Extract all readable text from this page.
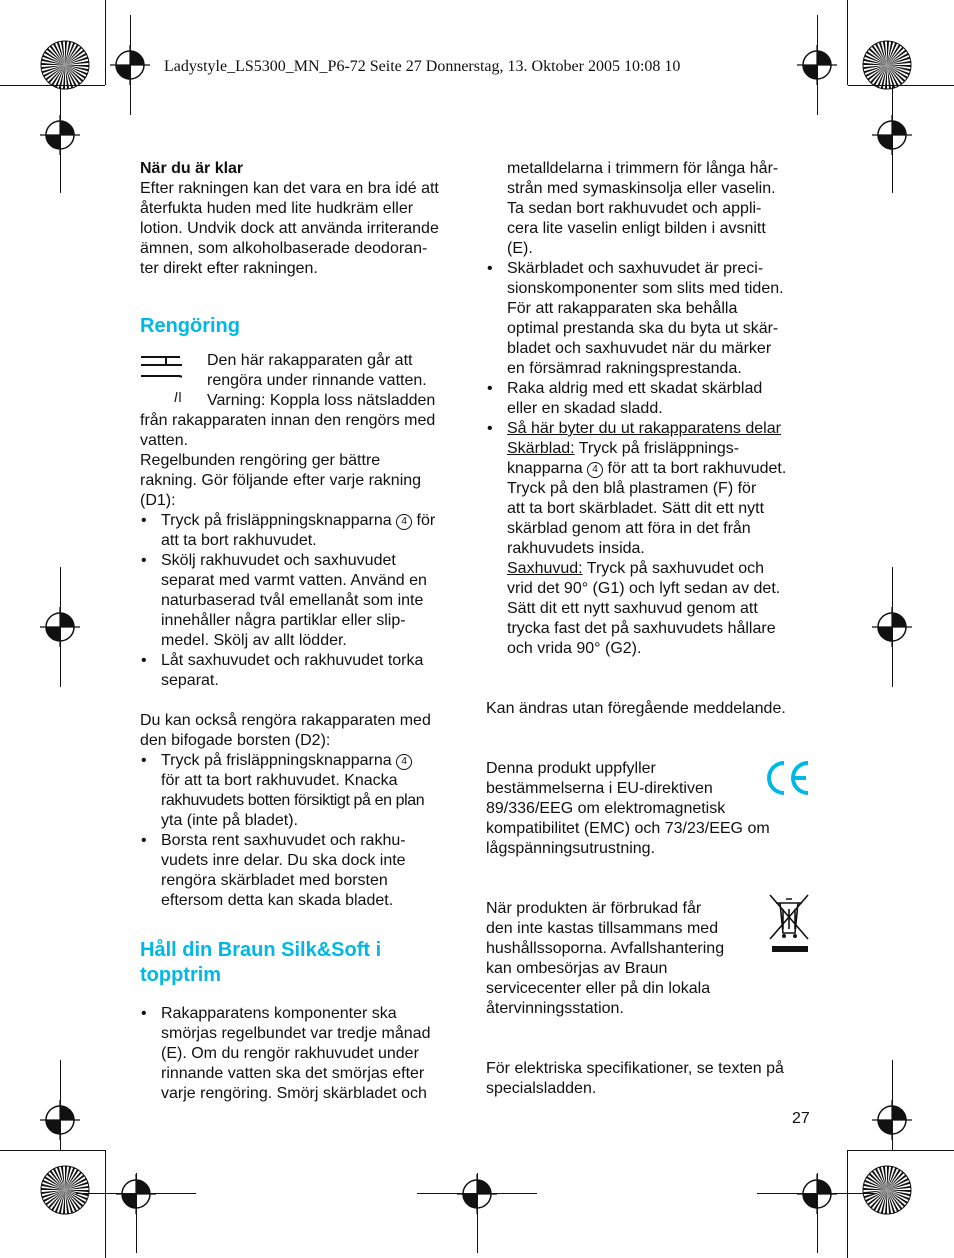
Ladystyle_LS5300_MN_P6-72 Seite 27 Donnerstag, 13. Oktober 2005 10:08 10

När du är klar

Efter rakningen kan det vara en bra idé att

återfukta huden med lite hudkräm eller

lotion. Undvik dock att använda irriterande

ämnen, som alkoholbaserade deodoran-

ter direkt efter rakningen.

Rengöring

Den här rakapparaten går att

rengöra under rinnande vatten.

Varning: Koppla loss nätsladden

från rakapparaten innan den rengörs med

vatten.

Regelbunden rengöring ger bättre

rakning. Gör följande efter varje rakning

(D1):

• Tryck på frisläppningsknapparna 4 för
att ta bort rakhuvudet.
• Skölj rakhuvudet och saxhuvudet
separat med varmt vatten. Använd en
naturbaserad tvål emellanåt som inte
innehåller några partiklar eller slip-
medel. Skölj av allt lödder.
• Låt saxhuvudet och rakhuvudet torka
separat.

Du kan också rengöra rakapparaten med

den bifogade borsten (D2):

• Tryck på frisläppningsknapparna 4
för att ta bort rakhuvudet. Knacka
rakhuvudets botten försiktigt på en plan
yta (inte på bladet).
• Borsta rent saxhuvudet och rakhu-
vudets inre delar. Du ska dock inte
rengöra skärbladet med borsten
eftersom detta kan skada bladet.

Håll din Braun Silk&Soft i

topptrim

• Rakapparatens komponenter ska
smörjas regelbundet var tredje månad
(E). Om du rengör rakhuvudet under
rinnande vatten ska det smörjas efter
varje rengöring. Smörj skärbladet och

metalldelarna i trimmern för långa hår-

strån med symaskinsolja eller vaselin.

Ta sedan bort rakhuvudet och appli-

cera lite vaselin enligt bilden i avsnitt

(E).

• Skärbladet och saxhuvudet är preci-
sionskomponenter som slits med tiden.
För att rakapparaten ska behålla
optimal prestanda ska du byta ut skär-
bladet och saxhuvudet när du märker
en försämrad rakningsprestanda.
• Raka aldrig med ett skadat skärblad
eller en skadad sladd.
• Så här byter du ut rakapparatens delar
Skärblad: Tryck på frisläppnings-
knapparna 4 för att ta bort rakhuvudet.
Tryck på den blå plastramen (F) för
att ta bort skärbladet. Sätt dit ett nytt
skärblad genom att föra in det från
rakhuvudets insida.
Saxhuvud: Tryck på saxhuvudet och
vrid det 90° (G1) och lyft sedan av det.
Sätt dit ett nytt saxhuvud genom att
trycka fast det på saxhuvudets hållare
och vrida 90° (G2).

Kan ändras utan föregående meddelande.

Denna produkt uppfyller

bestämmelserna i EU-direktiven

89/336/EEG om elektromagnetisk

kompatibilitet (EMC) och 73/23/EEG om

lågspänningsutrustning.

När produkten är förbrukad får

den inte kastas tillsammans med

hushållssoporna. Avfallshantering

kan ombesörjas av Braun

servicecenter eller på din lokala

återvinningsstation.

För elektriska specifikationer, se texten på

specialsladden.

27
